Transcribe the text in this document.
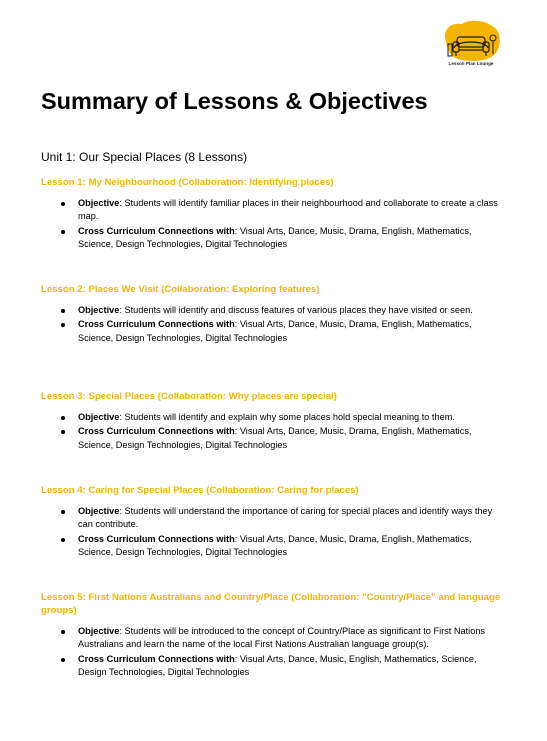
Lesson Plan Lounge
Summary of Lessons & Objectives
Unit 1: Our Special Places (8 Lessons)

Lesson 1: My Neighbourhood (Collaboration: Identifying places)

Objective: Students will identify familiar places in their neighbourhood and collaborate to create a class map.
Cross Curriculum Connections with: Visual Arts, Dance, Music, Drama, English, Mathematics, Science, Design Technologies, Digital Technologies

Lesson 2: Places We Visit (Collaboration: Exploring features)

Objective: Students will identify and discuss features of various places they have visited or seen.
Cross Curriculum Connections with: Visual Arts, Dance, Music, Drama, English, Mathematics, Science, Design Technologies, Digital Technologies

Lesson 3: Special Places (Collaboration: Why places are special)

Objective: Students will identify and explain why some places hold special meaning to them.
Cross Curriculum Connections with: Visual Arts, Dance, Music, Drama, English, Mathematics, Science, Design Technologies, Digital Technologies

Lesson 4: Caring for Special Places (Collaboration: Caring for places)

Objective: Students will understand the importance of caring for special places and identify ways they can contribute.
Cross Curriculum Connections with: Visual Arts, Dance, Music, Drama, English, Mathematics, Science, Design Technologies, Digital Technologies

Lesson 5: First Nations Australians and Country/Place (Collaboration: "Country/Place" and language groups)

Objective: Students will be introduced to the concept of Country/Place as significant to First Nations Australians and learn the name of the local First Nations Australian language group(s).
Cross Curriculum Connections with: Visual Arts, Dance, Music, English, Mathematics, Science, Design Technologies, Digital Technologies
